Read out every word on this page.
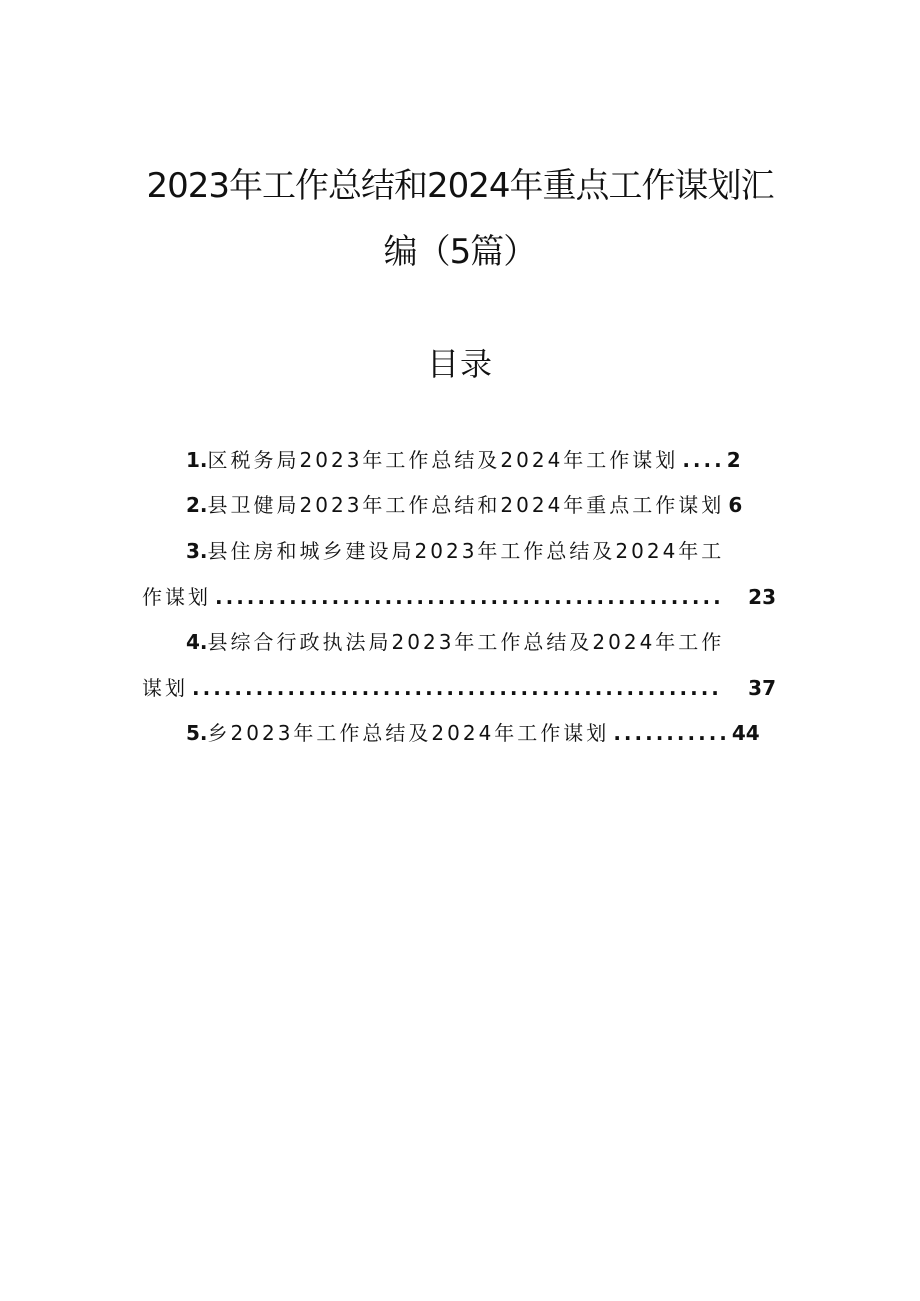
2023年工作总结和2024年重点工作谋划汇
编（5篇）
目录
1. 区税务局2023年工作总结及2024年工作谋划 .... 2
2. 县卫健局2023年工作总结和2024年重点工作谋划 6
3. 县住房和城乡建设局2023年工作总结及2024年工
作谋划 ................................................	23
4. 县综合行政执法局2023年工作总结及2024年工作
谋划 ..................................................	37
5. 乡2023年工作总结及2024年工作谋划 ........... 44
